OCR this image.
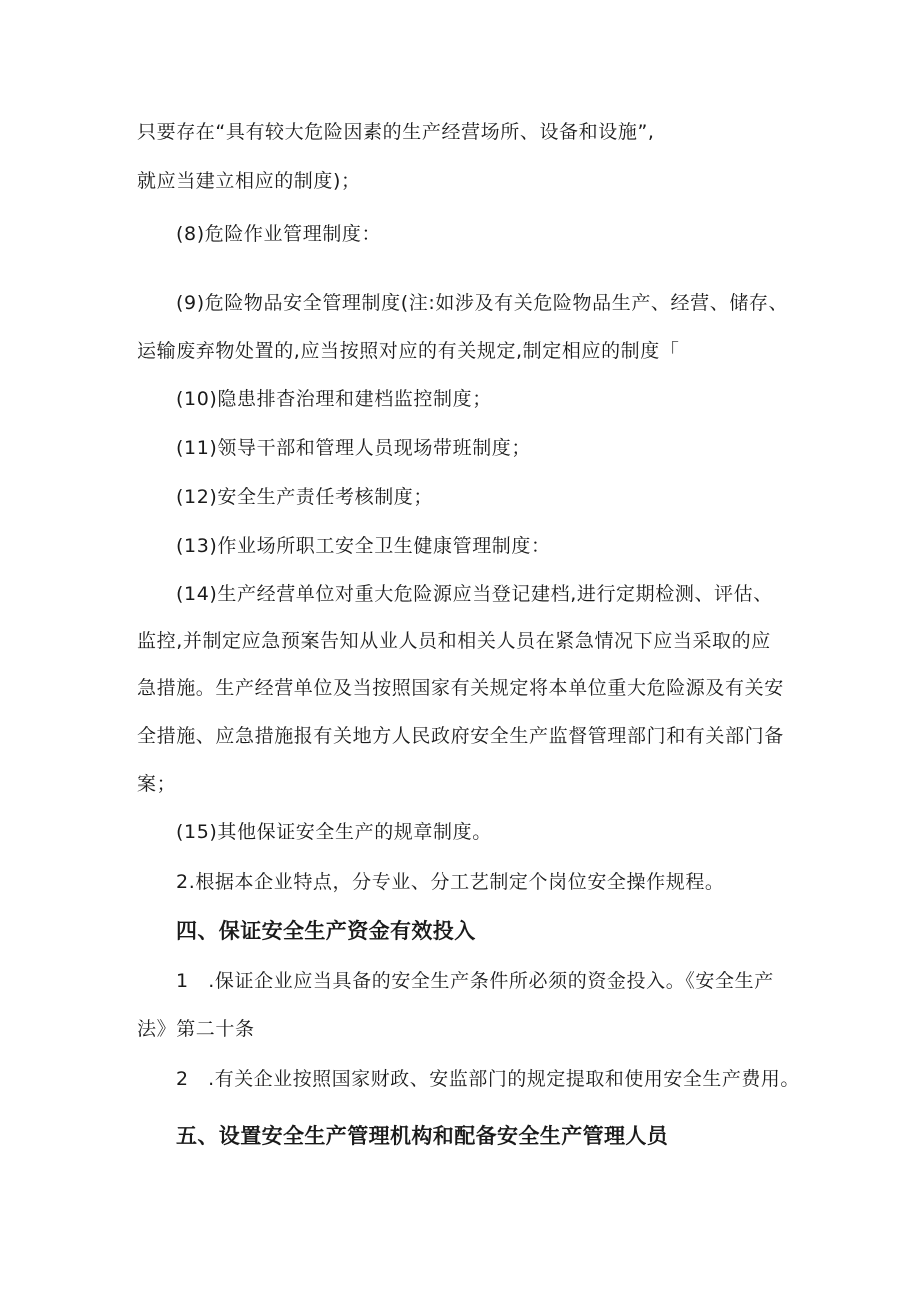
只要存在“具有较大危险因素的生产经营场所、设备和设施”,
就应当建立相应的制度)；
(8)危险作业管理制度：
(9)危险物品安全管理制度(注:如涉及有关危险物品生产、经营、储存、
运输废弃物处置的,应当按照对应的有关规定,制定相应的制度「
(10)隐患排杳治理和建档监控制度；
(11)领导干部和管理人员现场带班制度；
(12)安全生产责任考核制度；
(13)作业场所职工安全卫生健康管理制度：
(14)生产经营单位对重大危险源应当登记建档,进行定期检测、评估、
监控,并制定应急预案告知从业人员和相关人员在紧急情况下应当采取的应
急措施。生产经营单位及当按照国家有关规定将本单位重大危险源及有关安
全措施、应急措施报有关地方人民政府安全生产监督管理部门和有关部门备
案；
(15)其他保证安全生产的规章制度。
2.根据本企业特点，分专业、分工艺制定个岗位安全操作规程。
四、保证安全生产资金有效投入
1　.保证企业应当具备的安全生产条件所必须的资金投入。《安全生产
法》第二十条
2　.有关企业按照国家财政、安监部门的规定提取和使用安全生产费用。
五、设置安全生产管理机构和配备安全生产管理人员
